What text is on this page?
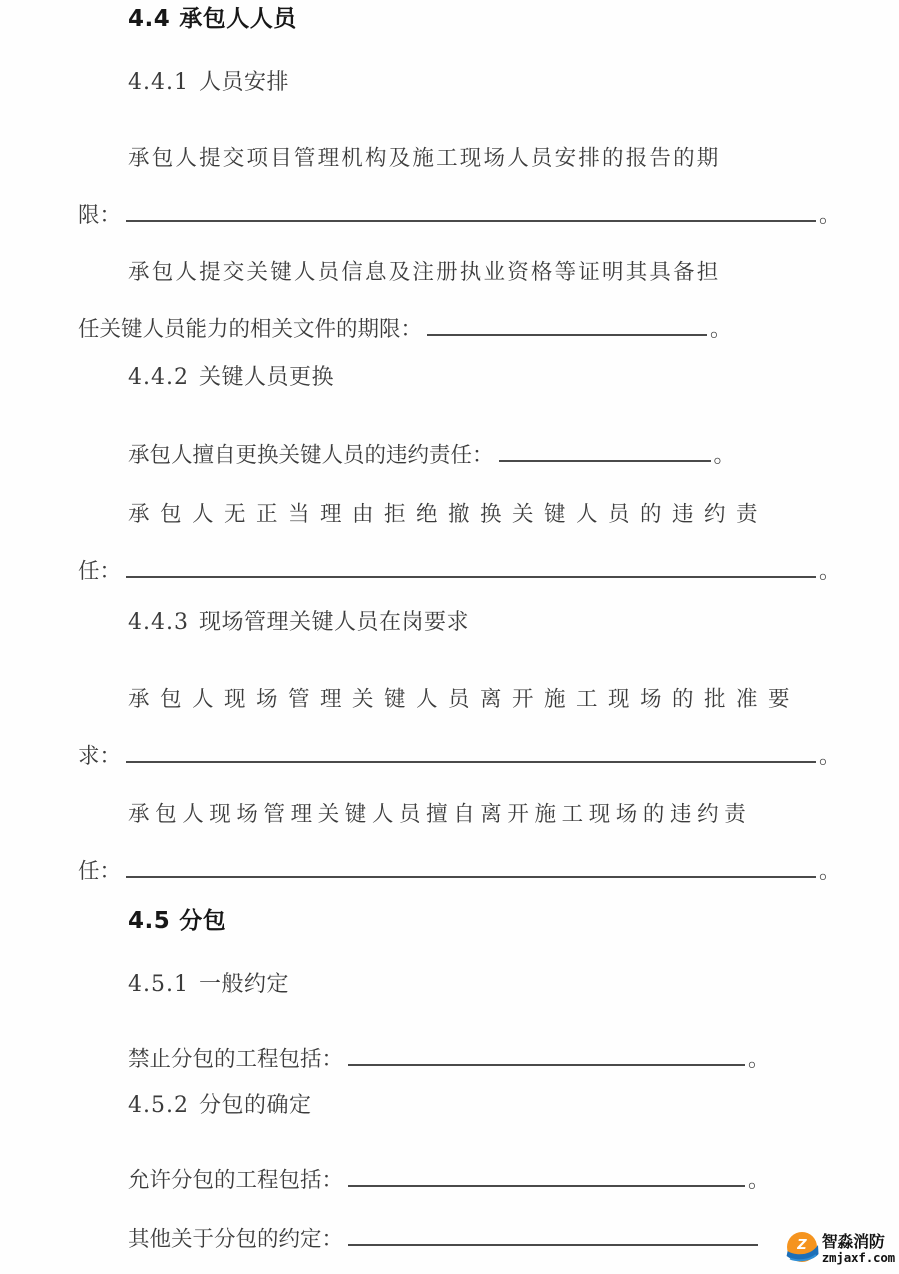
4.4 承包人人员
4.4.1 人员安排
承包人提交项目管理机构及施工现场人员安排的报告的期
限：	。
承包人提交关键人员信息及注册执业资格等证明其具备担
任关键人员能力的相关文件的期限：	。
4.4.2 关键人员更换
承包人擅自更换关键人员的违约责任：	。
承包人无正当理由拒绝撤换关键人员的违约责
任：	。
4.4.3 现场管理关键人员在岗要求
承包人现场管理关键人员离开施工现场的批准要
求：	。
承包人现场管理关键人员擅自离开施工现场的违约责
任：	。
4.5 分包
4.5.1 一般约定
禁止分包的工程包括：	。
4.5.2 分包的确定
允许分包的工程包括：	。
其他关于分包的约定：	Z 智淼消防
zmjaxf.com
